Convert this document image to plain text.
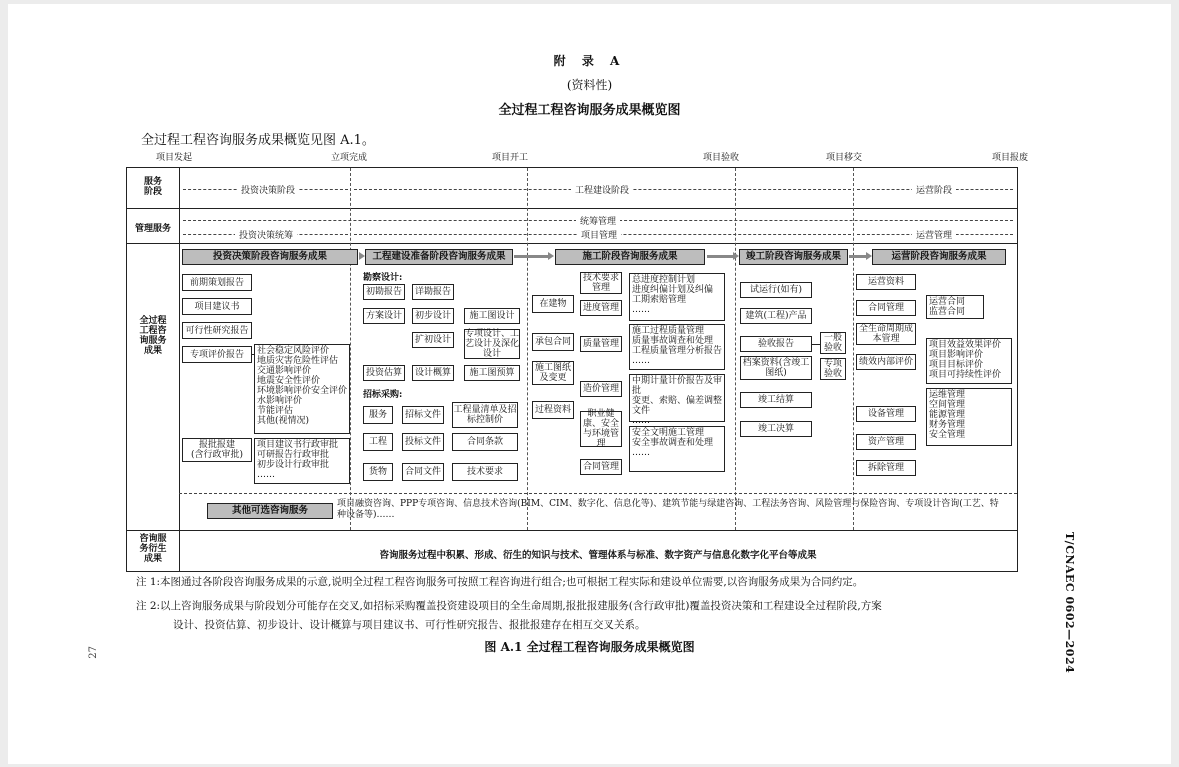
附 录 A
(资料性)
全过程工程咨询服务成果概览图
全过程工程咨询服务成果概览见图 A.1。
项目发起	立项完成	项目开工	项目验收	项目移交	项目报废
服务
阶段
管理服务
全过程
工程咨
询服务
成果
咨询服
务衍生
成果
投资决策阶段	工程建设阶段	运营阶段
统筹管理
投资决策统筹	项目管理	运营管理
投资决策阶段咨询服务成果	工程建设准备阶段咨询服务成果	施工阶段咨询服务成果	竣工阶段咨询服务成果	运营阶段咨询服务成果
前期策划报告
项目建议书
可行性研究报告
专项评价报告	社会稳定风险评价
地质灾害危险性评估
交通影响评价
地震安全性评价
环境影响评价安全评价
水影响评价
节能评估
其他(视情况)
报批报建
(含行政审批)
项目建议书行政审批
可研报告行政审批
初步设计行政审批
……
勘察设计:
初勘报告	详勘报告
方案设计	初步设计	施工图设计
扩初设计
专项设计、工艺设计及深化设计
投资估算	设计概算	施工图预算
招标采购:
服务
工程
货物
招标文件
投标文件
合同文件
工程量清单及招标控制价
合同条款
技术要求
在建物
承包合同
施工图纸及变更
过程资料
技术要求管理
进度管理
质量管理
造价管理
职业健康、安全与环境管理
合同管理
总进度控制计划
进度纠偏计划及纠偏
工期索赔管理
……
施工过程质量管理
质量事故调查和处理
工程质量管理分析报告
……
中期计量计价报告及审批
变更、索赔、偏差调整文件
……
安全文明施工管理
安全事故调查和处理
……
试运行(如有)
建筑(工程)产品
验收报告
档案资料(含竣工图纸)
竣工结算
竣工决算
一般验收
专项验收
运营资料
合同管理
全生命周期成本管理
绩效内部评价
设备管理
资产管理
拆除管理
运营合同
监营合同
项目效益效果评价
项目影响评价
项目目标评价
项目可持续性评价
运维管理
空间管理
能源管理
财务管理
安全管理
其他可选咨询服务
项目融资咨询、PPP专项咨询、信息技术咨询(BIM、CIM、数字化、信息化等)、建筑节能与绿建咨询、工程法务咨询、风险管理与保险咨询、专项设计咨询(工艺、特种设备等)……
咨询服务过程中积累、形成、衍生的知识与技术、管理体系与标准、数字资产与信息化数字化平台等成果
注 1:本图通过各阶段咨询服务成果的示意,说明全过程工程咨询服务可按照工程咨询进行组合;也可根据工程实际和建设单位需要,以咨询服务成果为合同约定。
注 2:以上咨询服务成果与阶段划分可能存在交叉,如招标采购覆盖投资建设项目的全生命周期,报批报建服务(含行政审批)覆盖投资决策和工程建设全过程阶段,方案
设计、投资估算、初步设计、设计概算与项目建议书、可行性研究报告、报批报建存在相互交叉关系。
图 A.1 全过程工程咨询服务成果概览图	T/CNAEC 0602—2024
27
